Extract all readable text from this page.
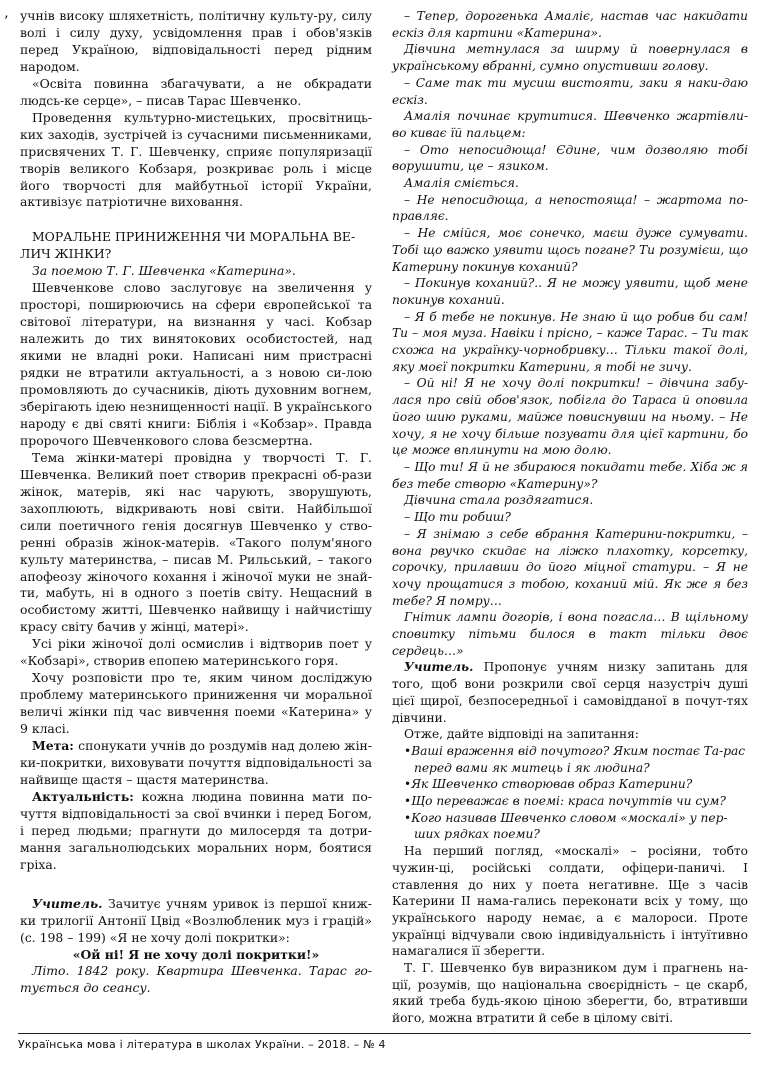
’ учнів високу шляхетність, політичну культу-ру, силу волі і силу духу, усвідомлення прав і обов'язків перед Україною, відповідальності перед рідним народом.

«Освіта повинна збагачувати, а не обкрадати людсь-ке серце», – писав Тарас Шевченко.

Проведення культурно-мистецьких, просвітниць-ких заходів, зустрічей із сучасними письменниками, присвячених Т. Г. Шевченку, сприяє популяризації творів великого Кобзаря, розкриває роль і місце його творчості для майбутньої історії України, активізує патріотичне виховання.

МОРАЛЬНЕ ПРИНИЖЕННЯ ЧИ МОРАЛЬНА ВЕ-ЛИЧ ЖІНКИ?

За поемою Т. Г. Шевченка «Катерина».

Шевченкове слово заслуговує на звеличення у просторі, поширюючись на сфери європейської та світової літератури, на визнання у часі. Кобзар належить до тих винятокових особистостей, над якими не владні роки. Написані ним пристрасні рядки не втратили актуальності, а з новою си-лою промовляють до сучасників, діють духовним вогнем, зберігають ідею незнищенності нації. В українського народу є дві святі книги: Біблія і «Кобзар». Правда пророчого Шевченкового слова безсмертна.

Тема жінки-матері провідна у творчості Т. Г. Шевченка. Великий поет створив прекрасні об-рази жінок, матерів, які нас чарують, зворушують, захоплюють, відкривають нові світи. Найбільшої сили поетичного генія досягнув Шевченко у ство-ренні образів жінок-матерів. «Такого полум'яного культу материнства, – писав М. Рильський, – такого апофеозу жіночого кохання і жіночої муки не знай-ти, мабуть, ні в одного з поетів світу. Нещасний в особистому житті, Шевченко найвищу і найчистішу красу світу бачив у жінці, матері».

Усі ріки жіночої долі осмислив і відтворив поет у «Кобзарі», створив епопею материнського горя.

Хочу розповісти про те, яким чином досліджую проблему материнського приниження чи моральної величі жінки під час вивчення поеми «Катерина» у 9 класі.

Мета: спонукати учнів до роздумів над долею жін-ки-покритки, виховувати почуття відповідальності за найвище щастя – щастя материнства.

Актуальність: кожна людина повинна мати по-чуття відповідальності за свої вчинки і перед Богом, і перед людьми; прагнути до милосердя та дотри-мання загальнолюдських моральних норм, боятися гріха.

Учитель. Зачитує учням уривок із першої книж-ки трилогії Антонії Цвід «Возлюбленик муз і грацій» (с. 198 – 199) «Я не хочу долі покритки»:

«Ой ні! Я не хочу долі покритки!»

Літо. 1842 року. Квартира Шевченка. Тарас го-тується до сеансу.

– Тепер, дорогенька Амаліє, настав час накидати ескіз для картини «Катерина».

Дівчина метнулася за ширму й повернулася в українському вбранні, сумно опустивши голову.

– Саме так ти мусиш вистояти, заки я наки-даю ескіз.

Амалія починає крутитися. Шевченко жартівли-во киває їй пальцем:

– Ото непосидюща! Єдине, чим дозволяю тобі ворушити, це – язиком.

Амалія сміється.

– Не непосидюща, а непостояща! – жартома по-правляє.

– Не смійся, моє сонечко, маєш дуже сумувати. Тобі що важко уявити щось погане? Ти розумієш, що Катерину покинув коханий?

– Покинув коханий?.. Я не можу уявити, щоб мене покинув коханий.

– Я б тебе не покинув. Не знаю й що робив би сам! Ти – моя муза. Навіки і прісно, – каже Тарас. – Ти так схожа на українку-чорнобривку… Тільки такої долі, яку моєї покритки Катерини, я тобі не зичу.

– Ой ні! Я не хочу долі покритки! – дівчина забу-лася про свій обов'язок, побігла до Тараса й оповила його шию руками, майже повиснувши на ньому. – Не хочу, я не хочу більше позувати для цієї картини, бо це може вплинути на мою долю.

– Що ти! Я й не збираюся покидати тебе. Хіба ж я без тебе створю «Катерину»?

Дівчина стала роздягатися.

– Що ти робиш?

– Я знімаю з себе вбрання Катерини-покритки, – вона рвучко скидає на ліжко плахотку, корсетку, сорочку, прилавши до його міцної статури. – Я не хочу прощатися з тобою, коханий мій. Як же я без тебе? Я помру…

Гнітик лампи догорів, і вона погасла… В щільному сповитку пітьми билося в такт тільки двоє сердець…»

Учитель. Пропонує учням низку запитань для того, щоб вони розкрили свої серця назустріч душі цієї щирої, безпосередньої і самовідданої в почут-тях дівчини.

Отже, дайте відповіді на запитання:

• Ваші враження від почутого? Яким постає Та-рас перед вами як митець і як людина?
• Як Шевченко створював образ Катерини?
• Що переважає в поемі: краса почуттів чи сум?
• Кого називав Шевченко словом «москалі» у пер-ших рядках поеми?

На перший погляд, «москалі» – росіяни, тобто чужин-ці, російські солдати, офіцери-паничі. І ставлення до них у поета негативне. Ще з часів Катерини ІІ нама-гались переконати всіх у тому, що українського народу немає, а є малороси. Проте українці відчували свою індивідуальність і інтуїтивно намагалися її зберегти.

Т. Г. Шевченко був виразником дум і прагнень на-ції, розумів, що національна своєрідність – це скарб, який треба будь-якою ціною зберегти, бо, втративши його, можна втратити й себе в цілому світі.

Українська мова і література в школах України. – 2018. – № 4
